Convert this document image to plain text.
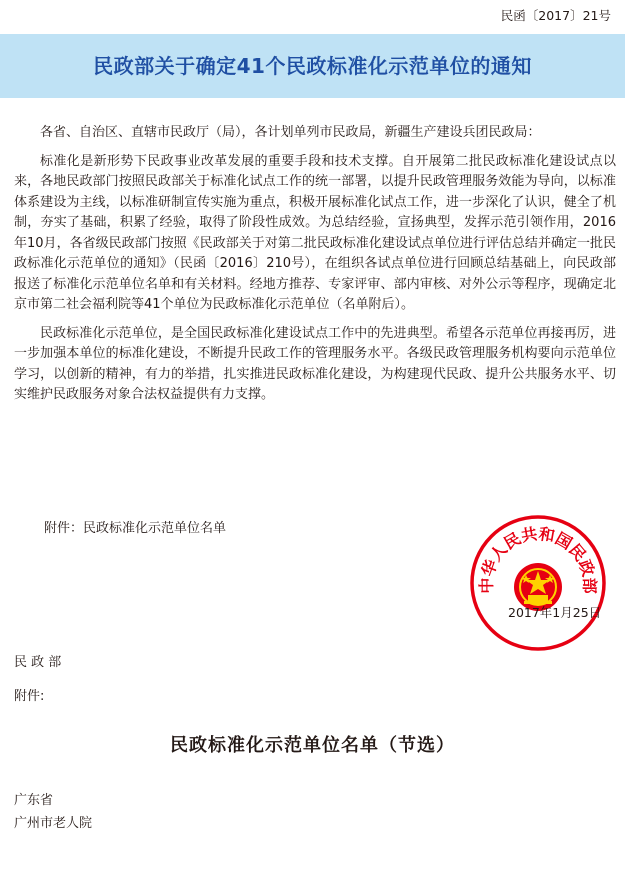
民函〔2017〕21号
民政部关于确定41个民政标准化示范单位的通知

各省、自治区、直辖市民政厅（局），各计划单列市民政局，新疆生产建设兵团民政局：

标准化是新形势下民政事业改革发展的重要手段和技术支撑。自开展第二批民政标准化建设试点以来，各地民政部门按照民政部关于标准化试点工作的统一部署，以提升民政管理服务效能为导向，以标准体系建设为主线，以标准研制宣传实施为重点，积极开展标准化试点工作，进一步深化了认识，健全了机制，夯实了基础，积累了经验，取得了阶段性成效。为总结经验，宣扬典型，发挥示范引领作用，2016年10月，各省级民政部门按照《民政部关于对第二批民政标准化建设试点单位进行评估总结并确定一批民政标准化示范单位的通知》（民函〔2016〕210号），在组织各试点单位进行回顾总结基础上，向民政部报送了标准化示范单位名单和有关材料。经地方推荐、专家评审、部内审核、对外公示等程序，现确定北京市第二社会福利院等41个单位为民政标准化示范单位（名单附后）。

民政标准化示范单位，是全国民政标准化建设试点工作中的先进典型。希望各示范单位再接再厉，进一步加强本单位的标准化建设，不断提升民政工作的管理服务水平。各级民政管理服务机构要向示范单位学习，以创新的精神，有力的举措，扎实推进民政标准化建设，为构建现代民政、提升公共服务水平、切实维护民政服务对象合法权益提供有力支撑。

附件：民政标准化示范单位名单
中华人民共和国民政部
2017年1月25日
民 政 部
附件:
民政标准化示范单位名单（节选）
广东省
广州市老人院
